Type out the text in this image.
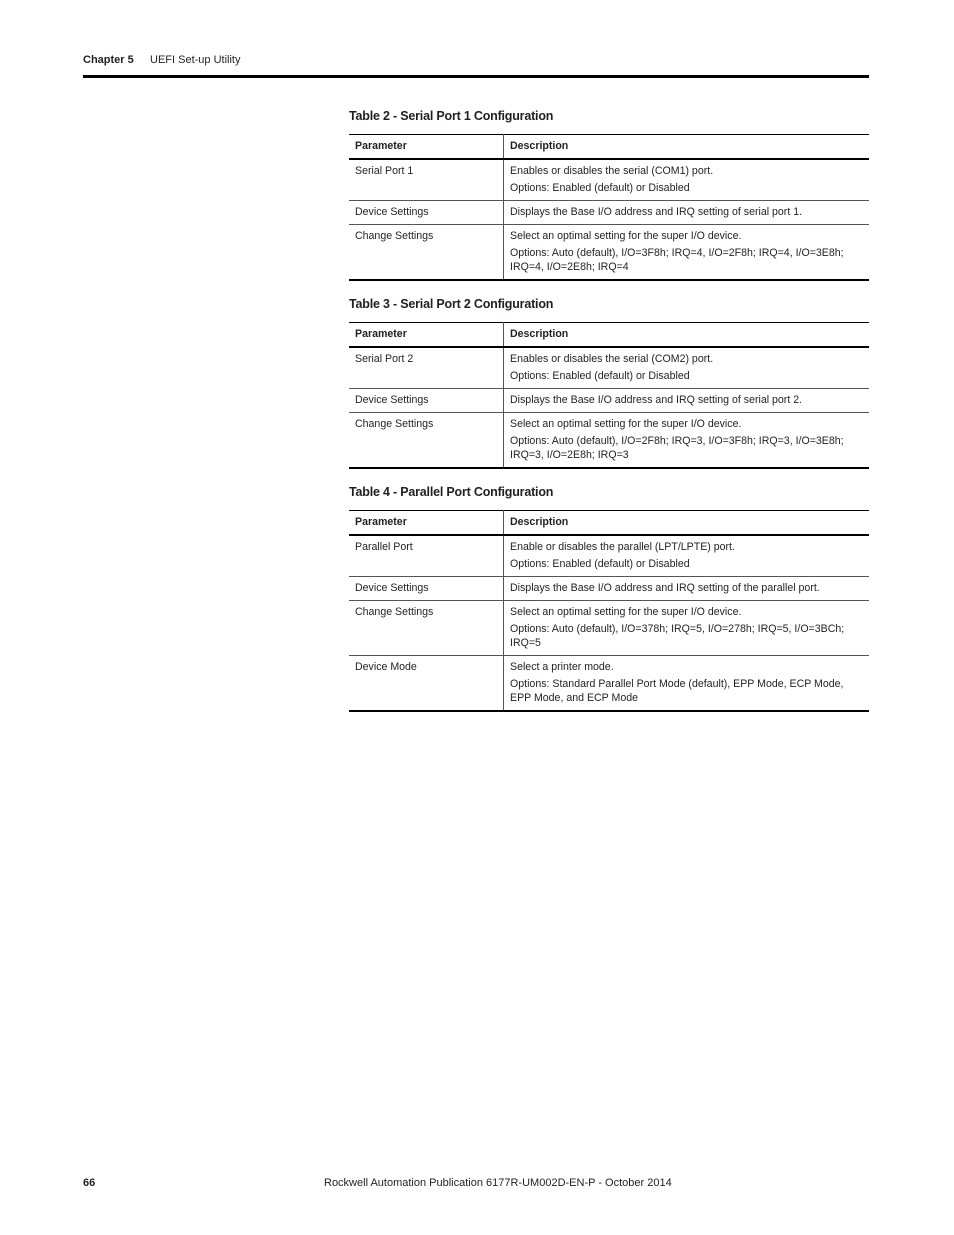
Chapter 5 UEFI Set-up Utility
Table 2 - Serial Port 1 Configuration
Parameter	Description
Serial Port 1	Enables or disables the serial (COM1) port.
Options: Enabled (default) or Disabled

Device Settings	Displays the Base I/O address and IRQ setting of serial port 1.

Change Settings	Select an optimal setting for the super I/O device.
Options: Auto (default), I/O=3F8h; IRQ=4, I/O=2F8h; IRQ=4, I/O=3E8h; IRQ=4, I/O=2E8h; IRQ=4
Table 3 - Serial Port 2 Configuration
Parameter	Description
Serial Port 2	Enables or disables the serial (COM2) port.
Options: Enabled (default) or Disabled

Device Settings	Displays the Base I/O address and IRQ setting of serial port 2.

Change Settings	Select an optimal setting for the super I/O device.
Options: Auto (default), I/O=2F8h; IRQ=3, I/O=3F8h; IRQ=3, I/O=3E8h; IRQ=3, I/O=2E8h; IRQ=3
Table 4 - Parallel Port Configuration
Parameter	Description
Parallel Port	Enable or disables the parallel (LPT/LPTE) port.
Options: Enabled (default) or Disabled

Device Settings	Displays the Base I/O address and IRQ setting of the parallel port.

Change Settings	Select an optimal setting for the super I/O device.
Options: Auto (default), I/O=378h; IRQ=5, I/O=278h; IRQ=5, I/O=3BCh; IRQ=5

Device Mode	Select a printer mode.
Options: Standard Parallel Port Mode (default), EPP Mode, ECP Mode, EPP Mode, and ECP Mode
66	Rockwell Automation Publication 6177R-UM002D-EN-P - October 2014
